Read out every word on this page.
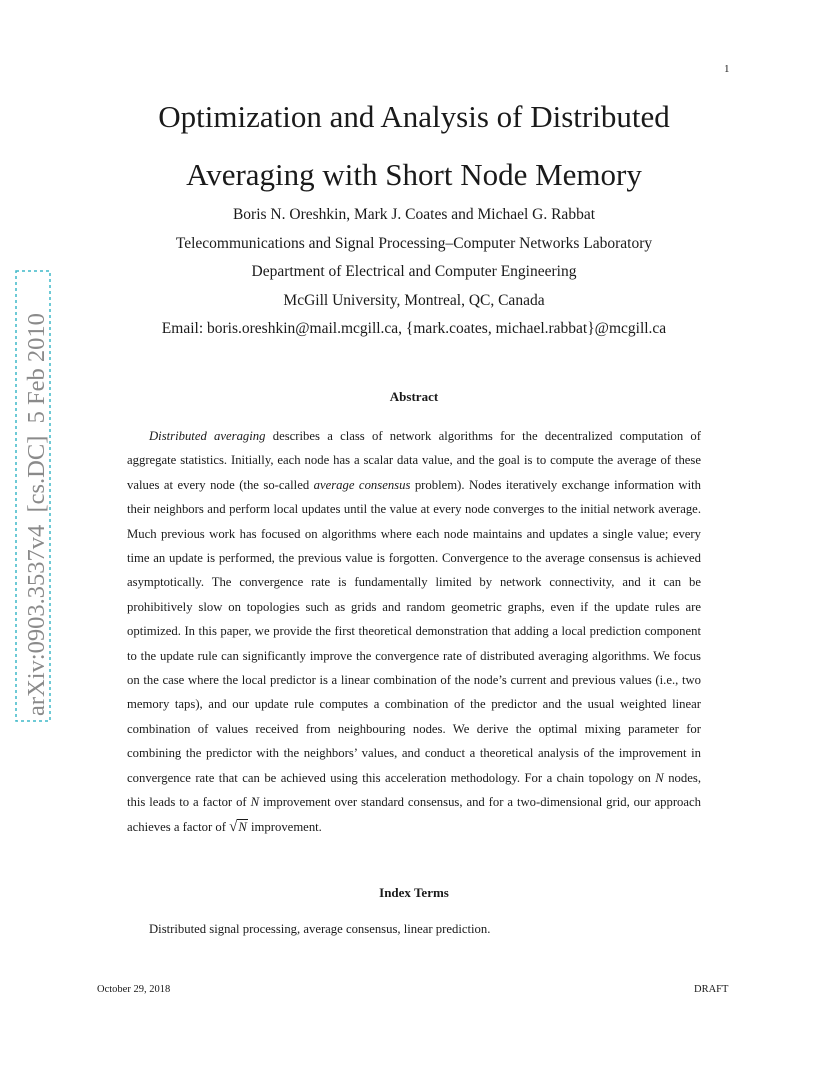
1
Optimization and Analysis of Distributed
Averaging with Short Node Memory
Boris N. Oreshkin, Mark J. Coates and Michael G. Rabbat
Telecommunications and Signal Processing–Computer Networks Laboratory
Department of Electrical and Computer Engineering
McGill University, Montreal, QC, Canada
Email: boris.oreshkin@mail.mcgill.ca, {mark.coates, michael.rabbat}@mcgill.ca
arXiv:0903.3537v4  [cs.DC]  5 Feb 2010	Abstract

Distributed averaging describes a class of network algorithms for the decentralized computation of aggregate statistics. Initially, each node has a scalar data value, and the goal is to compute the average of these values at every node (the so-called average consensus problem). Nodes iteratively exchange information with their neighbors and perform local updates until the value at every node converges to the initial network average. Much previous work has focused on algorithms where each node maintains and updates a single value; every time an update is performed, the previous value is forgotten. Convergence to the average consensus is achieved asymptotically. The convergence rate is fundamentally limited by network connectivity, and it can be prohibitively slow on topologies such as grids and random geometric graphs, even if the update rules are optimized. In this paper, we provide the first theoretical demonstration that adding a local prediction component to the update rule can significantly improve the convergence rate of distributed averaging algorithms. We focus on the case where the local predictor is a linear combination of the node’s current and previous values (i.e., two memory taps), and our update rule computes a combination of the predictor and the usual weighted linear combination of values received from neighbouring nodes. We derive the optimal mixing parameter for combining the predictor with the neighbors’ values, and conduct a theoretical analysis of the improvement in convergence rate that can be achieved using this acceleration methodology. For a chain topology on N nodes, this leads to a factor of N improvement over standard consensus, and for a two-dimensional grid, our approach achieves a factor of √N improvement.

Index Terms
Distributed signal processing, average consensus, linear prediction.
October 29, 2018	DRAFT
